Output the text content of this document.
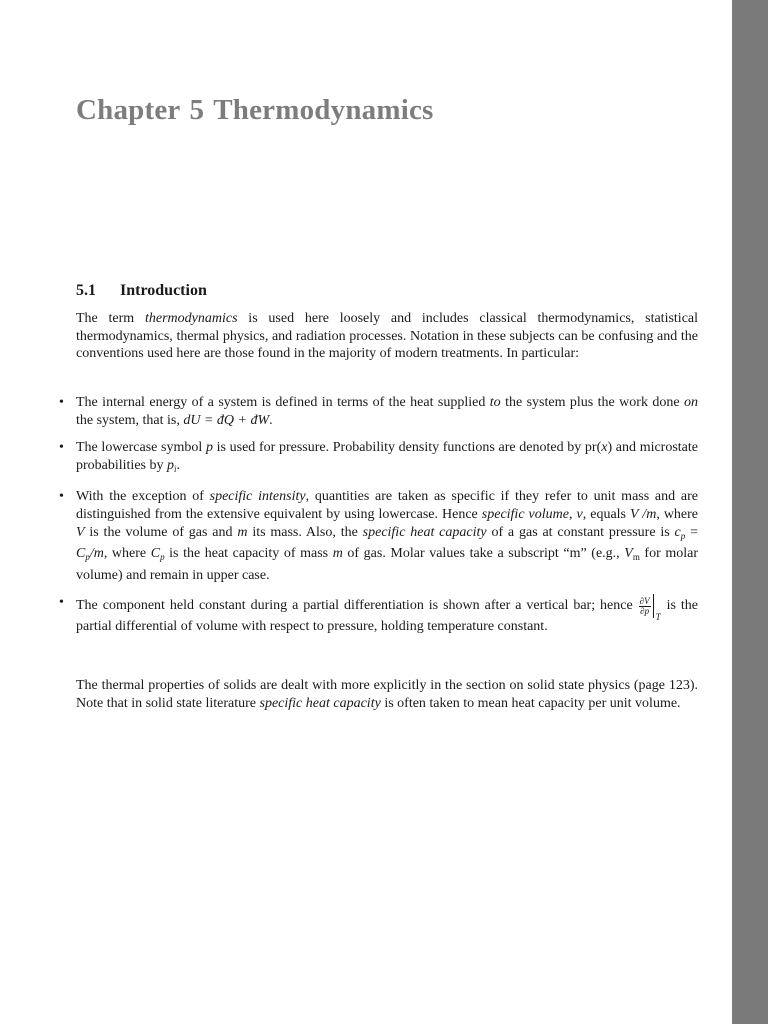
Chapter 5 Thermodynamics
5.1 Introduction

The term thermodynamics is used here loosely and includes classical thermodynamics, statistical thermodynamics, thermal physics, and radiation processes. Notation in these subjects can be confusing and the conventions used here are those found in the majority of modern treatments. In particular:

• The internal energy of a system is defined in terms of the heat supplied to the system plus the work done on the system, that is, dU = đQ + đW.
• The lowercase symbol p is used for pressure. Probability density functions are denoted by pr(x) and microstate probabilities by $p_i$.
• With the exception of specific intensity, quantities are taken as specific if they refer to unit mass and are distinguished from the extensive equivalent by using lowercase. Hence specific volume, v, equals V /m, where V is the volume of gas and m its mass. Also, the specific heat capacity of a gas at constant pressure is $c_p = C_p/m$, where $C_p$ is the heat capacity of mass m of gas. Molar values take a subscript “m” (e.g., $V_m$ for molar volume) and remain in upper case.
• The component held constant during a partial differentiation is shown after a vertical bar; hence $\frac{\partial V}{\partial p}$
T
is the partial differential of volume with respect to pressure, holding temperature constant.

The thermal properties of solids are dealt with more explicitly in the section on solid state physics (page 123). Note that in solid state literature specific heat capacity is often taken to mean heat capacity per unit volume.
